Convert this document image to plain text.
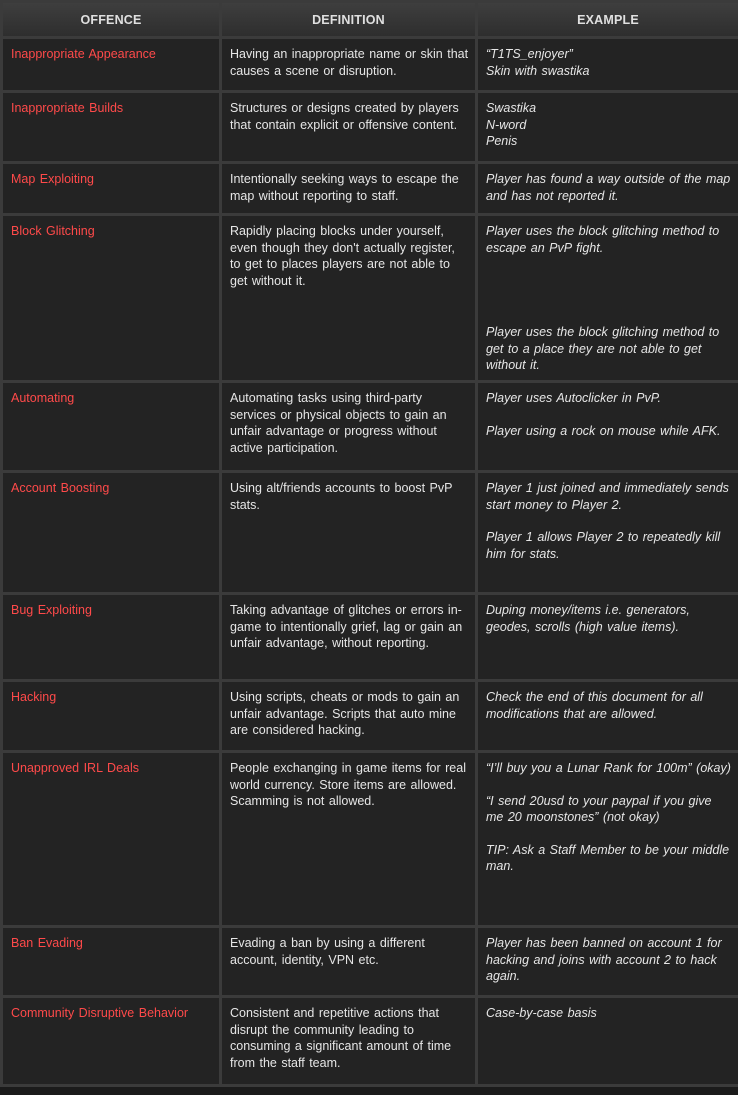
OFFENCE	DEFINITION	EXAMPLE
Inappropriate Appearance	Having an inappropriate name or skin that causes a scene or disruption.	“T1TS_enjoyer”
Skin with swastika

Inappropriate Builds	Structures or designs created by players that contain explicit or offensive content.	Swastika
N-word
Penis

Map Exploiting	Intentionally seeking ways to escape the map without reporting to staff.	Player has found a way outside of the map and has not reported it.

Block Glitching	Rapidly placing blocks under yourself, even though they don't actually register, to get to places players are not able to get without it.	Player uses the block glitching method to escape an PvP fight.
Player uses the block glitching method to get to a place they are not able to get without it.

Automating	Automating tasks using third-party services or physical objects to gain an unfair advantage or progress without active participation.	Player uses Autoclicker in PvP.
Player using a rock on mouse while AFK.

Account Boosting	Using alt/friends accounts to boost PvP stats.	Player 1 just joined and immediately sends start money to Player 2.
Player 1 allows Player 2 to repeatedly kill him for stats.

Bug Exploiting	Taking advantage of glitches or errors in-game to intentionally grief, lag or gain an unfair advantage, without reporting.	Duping money/items i.e. generators, geodes, scrolls (high value items).

Hacking	Using scripts, cheats or mods to gain an unfair advantage. Scripts that auto mine are considered hacking.	Check the end of this document for all modifications that are allowed.

Unapproved IRL Deals	People exchanging in game items for real world currency. Store items are allowed. Scamming is not allowed.	“I’ll buy you a Lunar Rank for 100m” (okay)
“I send 20usd to your paypal if you give me 20 moonstones” (not okay)
TIP: Ask a Staff Member to be your middle man.

Ban Evading	Evading a ban by using a different account, identity, VPN etc.	Player has been banned on account 1 for hacking and joins with account 2 to hack again.

Community Disruptive Behavior	Consistent and repetitive actions that disrupt the community leading to consuming a significant amount of time from the staff team.	Case-by-case basis
